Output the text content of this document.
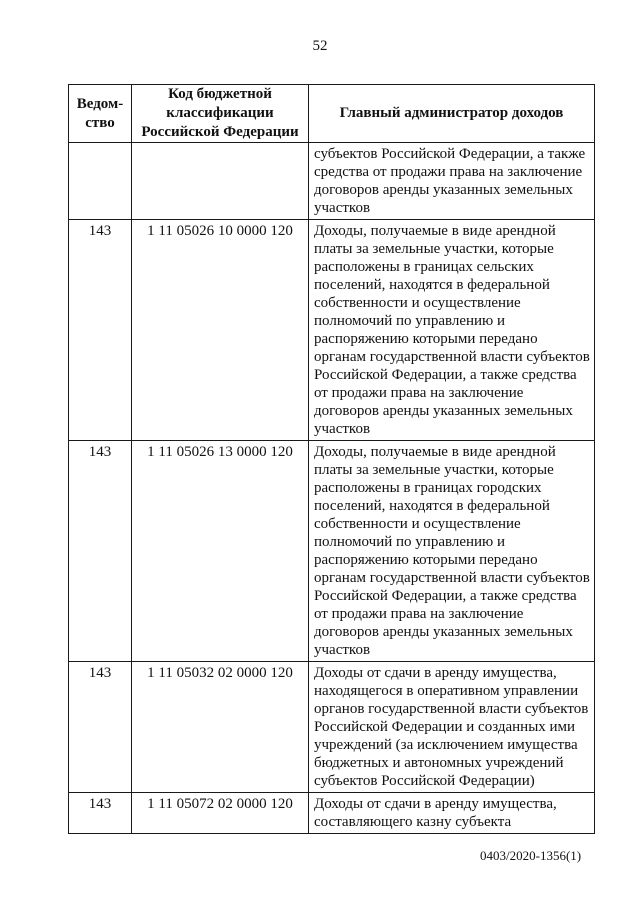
52
Ведом-ство	Код бюджетной классификации Российской Федерации	Главный администратор доходов
		субъектов Российской Федерации, а также средства от продажи права на заключение договоров аренды указанных земельных участков
143	1 11 05026 10 0000 120	Доходы, получаемые в виде арендной платы за земельные участки, которые расположены в границах сельских поселений, находятся в федеральной собственности и осуществление полномочий по управлению и распоряжению которыми передано органам государственной власти субъектов Российской Федерации, а также средства от продажи права на заключение договоров аренды указанных земельных участков
143	1 11 05026 13 0000 120	Доходы, получаемые в виде арендной платы за земельные участки, которые расположены в границах городских поселений, находятся в федеральной собственности и осуществление полномочий по управлению и распоряжению которыми передано органам государственной власти субъектов Российской Федерации, а также средства от продажи права на заключение договоров аренды указанных земельных участков
143	1 11 05032 02 0000 120	Доходы от сдачи в аренду имущества, находящегося в оперативном управлении органов государственной власти субъектов Российской Федерации и созданных ими учреждений (за исключением имущества бюджетных и автономных учреждений субъектов Российской Федерации)
143	1 11 05072 02 0000 120	Доходы от сдачи в аренду имущества, составляющего казну субъекта
0403/2020-1356(1)
